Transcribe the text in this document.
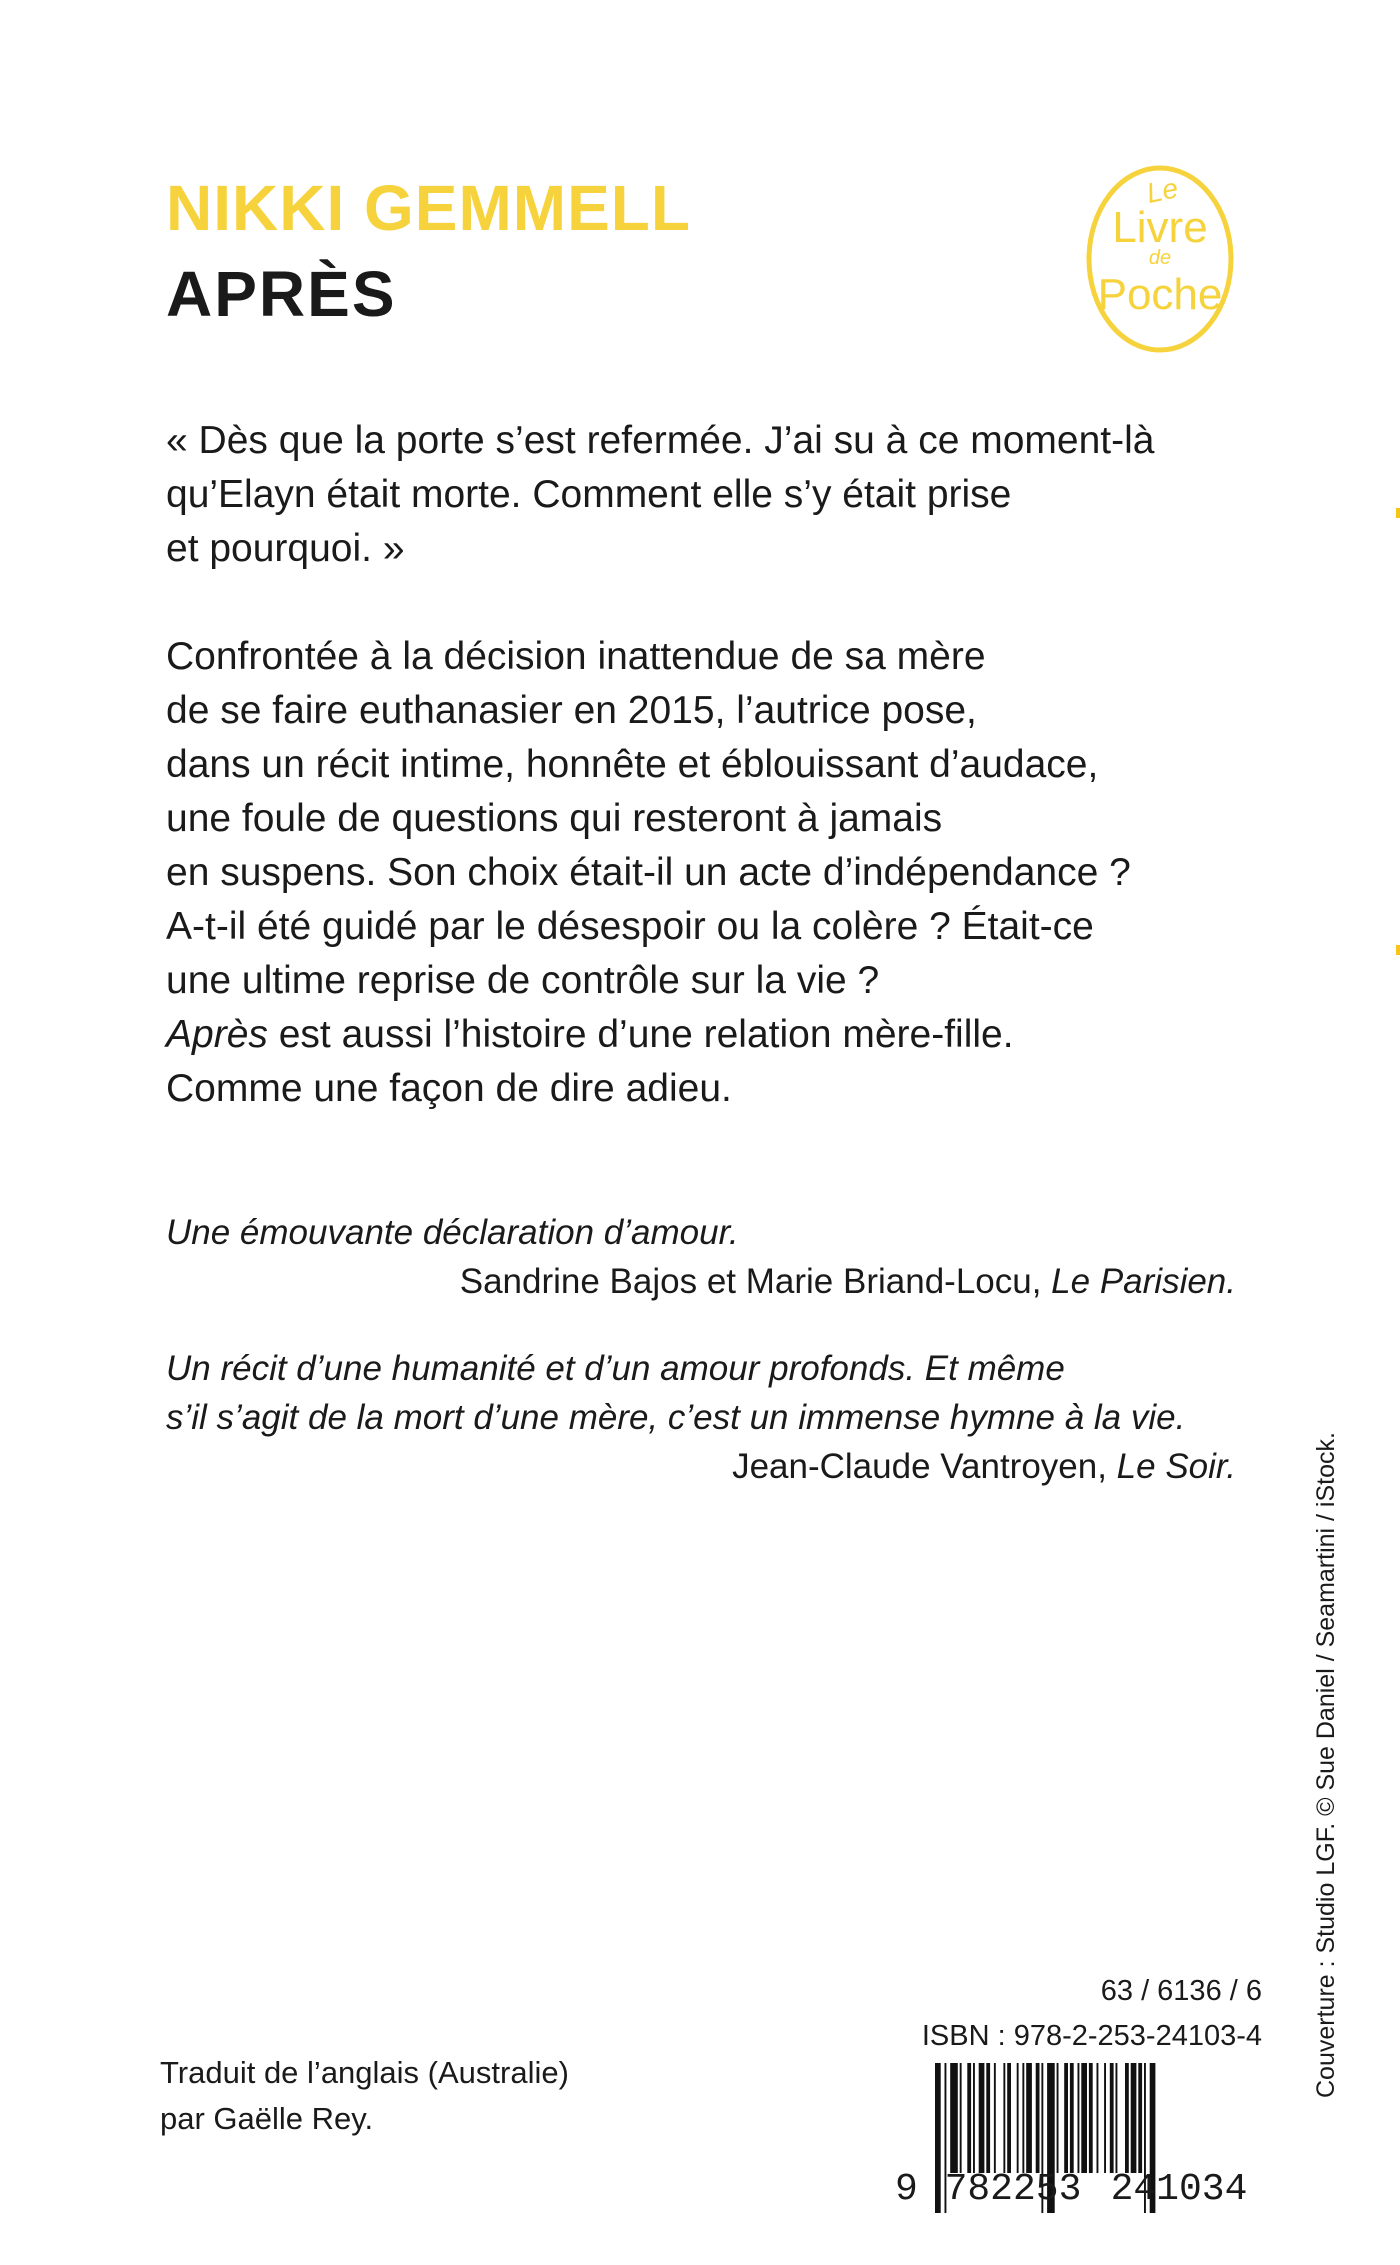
NIKKI GEMMELL
APRÈS
Le
Livre
de
Poche
« Dès que la porte s’est refermée. J’ai su à ce moment-là
qu’Elayn était morte. Comment elle s’y était prise
et pourquoi. »
Confrontée à la décision inattendue de sa mère
de se faire euthanasier en 2015, l’autrice pose,
dans un récit intime, honnête et éblouissant d’audace,
une foule de questions qui resteront à jamais
en suspens. Son choix était-il un acte d’indépendance ?
A-t-il été guidé par le désespoir ou la colère ? Était-ce
une ultime reprise de contrôle sur la vie ?
Après est aussi l’histoire d’une relation mère-fille.
Comme une façon de dire adieu.
Une émouvante déclaration d’amour.
Sandrine Bajos et Marie Briand-Locu, Le Parisien.
Un récit d’une humanité et d’un amour profonds. Et même
s’il s’agit de la mort d’une mère, c’est un immense hymne à la vie.
Jean-Claude Vantroyen, Le Soir.	Couverture : Studio LGF. © Sue Daniel / Seamartini / iStock.
Traduit de l’anglais (Australie)
par Gaëlle Rey.
63 / 6136 / 6
ISBN : 978-2-253-24103-4
9 782253 241034
